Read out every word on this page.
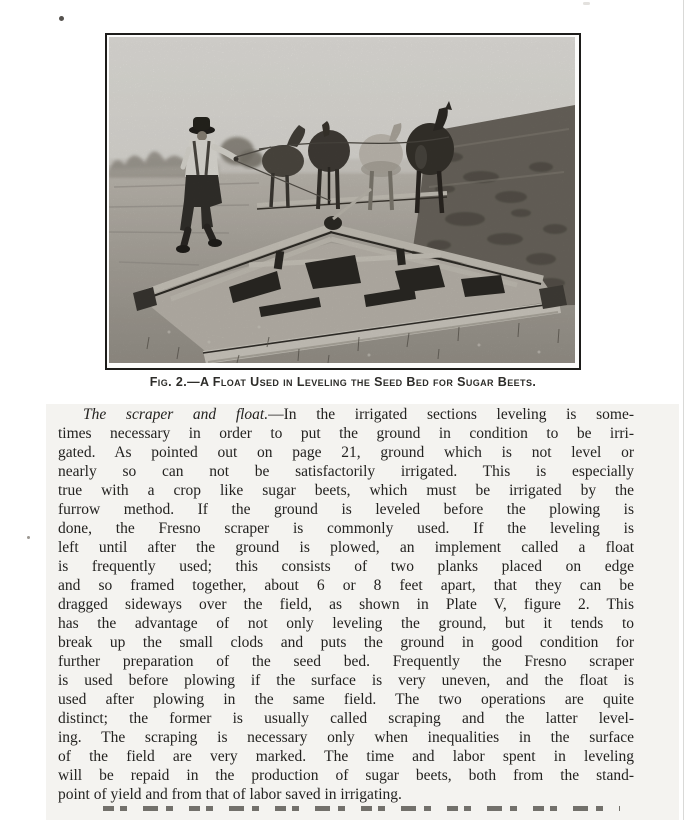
Fig. 2.—A Float Used in Leveling the Seed Bed for Sugar Beets.
The scraper and float.—In the irrigated sections leveling is some-
times necessary in order to put the ground in condition to be irri-
gated. As pointed out on page 21, ground which is not level or
nearly so can not be satisfactorily irrigated. This is especially
true with a crop like sugar beets, which must be irrigated by the
furrow method. If the ground is leveled before the plowing is
done, the Fresno scraper is commonly used. If the leveling is
left until after the ground is plowed, an implement called a float
is frequently used; this consists of two planks placed on edge
and so framed together, about 6 or 8 feet apart, that they can be
dragged sideways over the field, as shown in Plate V, figure 2. This
has the advantage of not only leveling the ground, but it tends to
break up the small clods and puts the ground in good condition for
further preparation of the seed bed. Frequently the Fresno scraper
is used before plowing if the surface is very uneven, and the float is
used after plowing in the same field. The two operations are quite
distinct; the former is usually called scraping and the latter level-
ing. The scraping is necessary only when inequalities in the surface
of the field are very marked. The time and labor spent in leveling
will be repaid in the production of sugar beets, both from the stand-
point of yield and from that of labor saved in irrigating.
